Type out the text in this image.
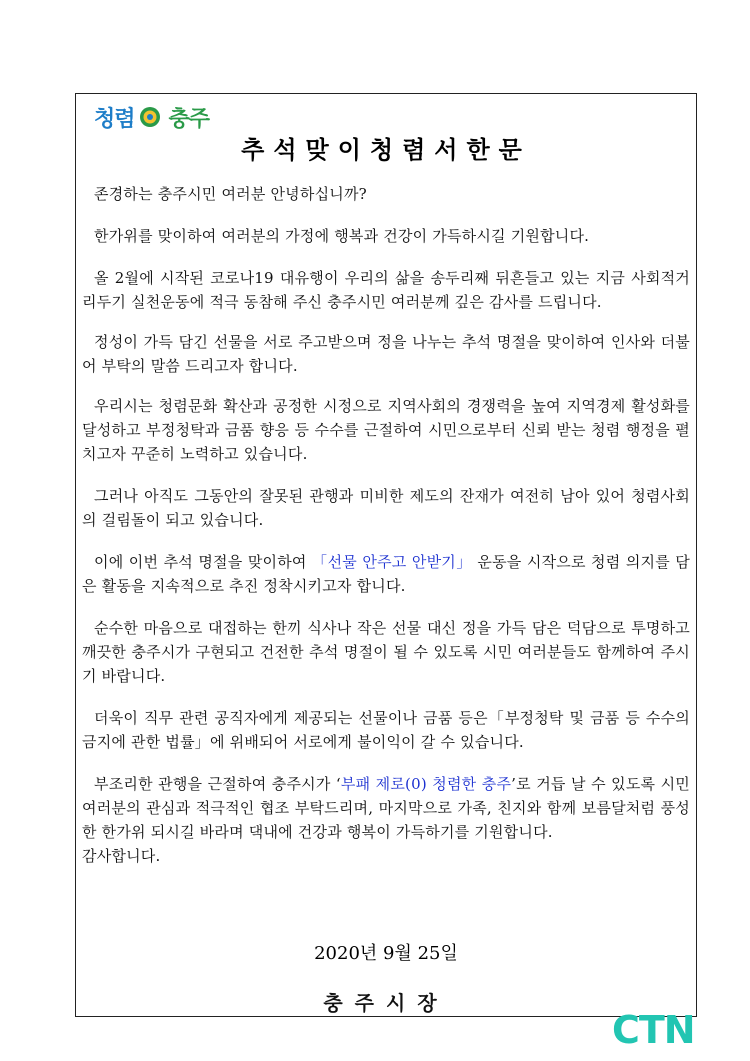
청렴 충주
추석맞이청렴서한문

존경하는 충주시민 여러분 안녕하십니까?

한가위를 맞이하여 여러분의 가정에 행복과 건강이 가득하시길 기원합니다.

올 2월에 시작된 코로나19 대유행이 우리의 삶을 송두리째 뒤흔들고 있는 지금 사회적거리두기 실천운동에 적극 동참해 주신 충주시민 여러분께 깊은 감사를 드립니다.

정성이 가득 담긴 선물을 서로 주고받으며 정을 나누는 추석 명절을 맞이하여 인사와 더불어 부탁의 말씀 드리고자 합니다.

우리시는 청렴문화 확산과 공정한 시정으로 지역사회의 경쟁력을 높여 지역경제 활성화를 달성하고 부정청탁과 금품 향응 등 수수를 근절하여 시민으로부터 신뢰 받는 청렴 행정을 펼치고자 꾸준히 노력하고 있습니다.

그러나 아직도 그동안의 잘못된 관행과 미비한 제도의 잔재가 여전히 남아 있어 청렴사회의 걸림돌이 되고 있습니다.

이에 이번 추석 명절을 맞이하여 「선물 안주고 안받기」 운동을 시작으로 청렴 의지를 담은 활동을 지속적으로 추진 정착시키고자 합니다.

순수한 마음으로 대접하는 한끼 식사나 작은 선물 대신 정을 가득 담은 덕담으로 투명하고 깨끗한 충주시가 구현되고 건전한 추석 명절이 될 수 있도록 시민 여러분들도 함께하여 주시기 바랍니다.

더욱이 직무 관련 공직자에게 제공되는 선물이나 금품 등은「부정청탁 및 금품 등 수수의 금지에 관한 법률」에 위배되어 서로에게 불이익이 갈 수 있습니다.

부조리한 관행을 근절하여 충주시가 ‘부패 제로(0) 청렴한 충주’로 거듭 날 수 있도록 시민 여러분의 관심과 적극적인 협조 부탁드리며, 마지막으로 가족, 친지와 함께 보름달처럼 풍성한 한가위 되시길 바라며 댁내에 건강과 행복이 가득하기를 기원합니다.

감사합니다.

2020년 9월 25일
충주시장
CTN
